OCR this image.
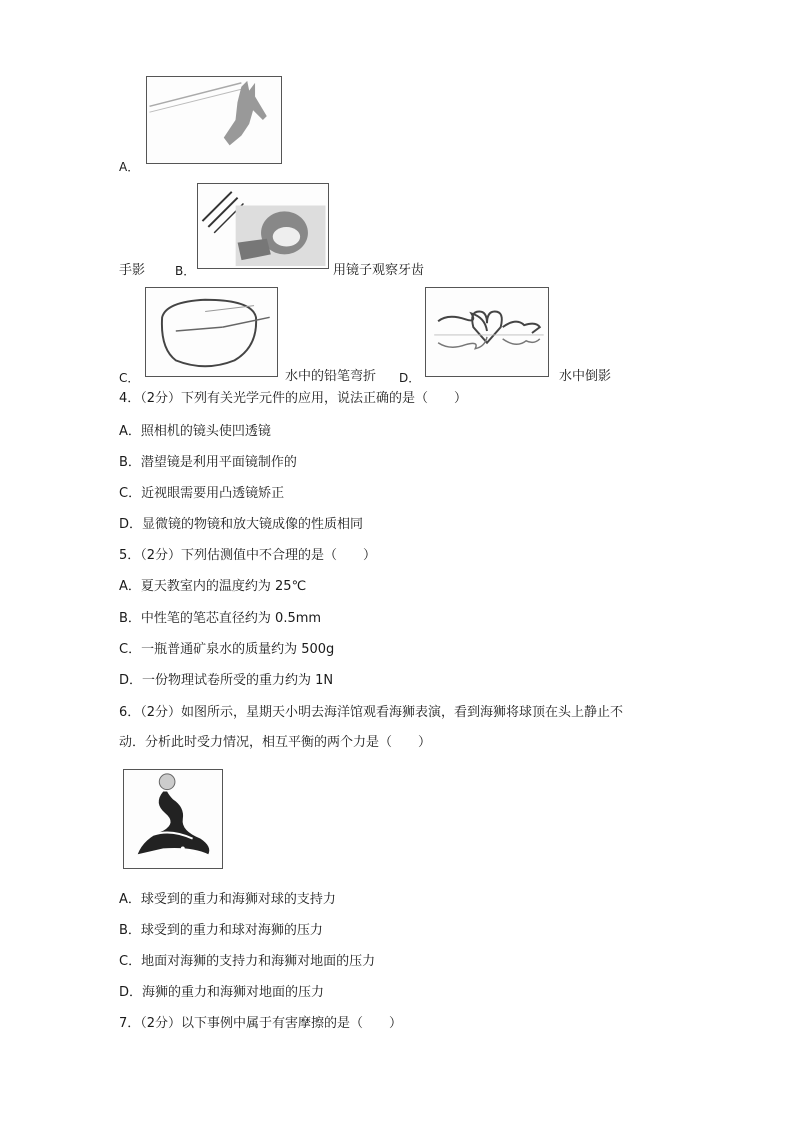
A．
手影 B．	用镜子观察牙齿
C．	水中的铅笔弯折 D．	水中倒影
4．（2分）下列有关光学元件的应用，说法正确的是（　　）
A．照相机的镜头使凹透镜
B．潜望镜是利用平面镜制作的
C．近视眼需要用凸透镜矫正
D．显微镜的物镜和放大镜成像的性质相同
5．（2分）下列估测值中不合理的是（　　）
A．夏天教室内的温度约为 25℃
B．中性笔的笔芯直径约为 0.5mm
C．一瓶普通矿泉水的质量约为 500g
D．一份物理试卷所受的重力约为 1N
6．（2分）如图所示，星期天小明去海洋馆观看海狮表演，看到海狮将球顶在头上静止不
动．分析此时受力情况，相互平衡的两个力是（　　）
A．球受到的重力和海狮对球的支持力
B．球受到的重力和球对海狮的压力
C．地面对海狮的支持力和海狮对地面的压力
D．海狮的重力和海狮对地面的压力
7．（2分）以下事例中属于有害摩擦的是（　　）
